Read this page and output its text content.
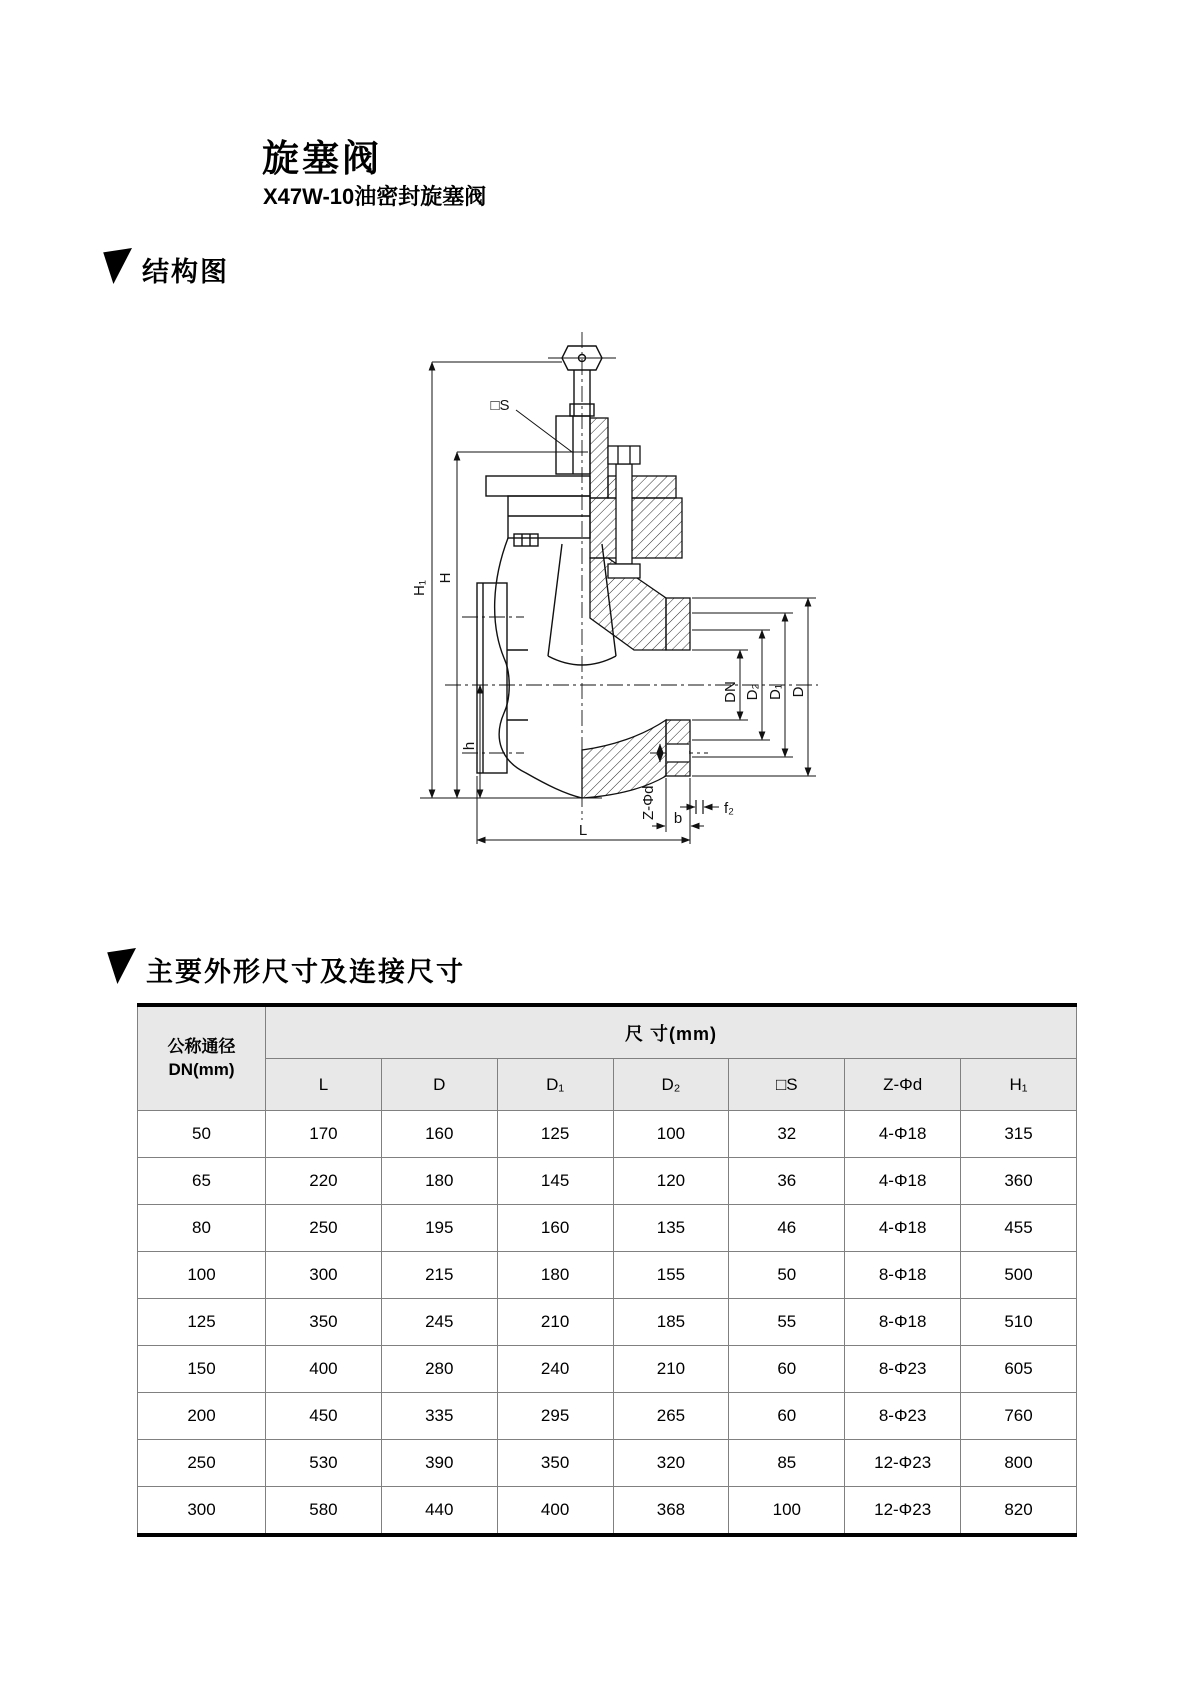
旋塞阀
X47W-10油密封旋塞阀
结构图
□S
H₁
H
h
DN D₂ D₁ D
Z-Φd	f₂
b
L
主要外形尺寸及连接尺寸
公称通径
DN(mm)	尺 寸(mm)						
	L	D	D₁	D₂	□S	Z-Φd	H₁
50	170	160	125	100	32	4-Φ18	315
65	220	180	145	120	36	4-Φ18	360
80	250	195	160	135	46	4-Φ18	455
100	300	215	180	155	50	8-Φ18	500
125	350	245	210	185	55	8-Φ18	510
150	400	280	240	210	60	8-Φ23	605
200	450	335	295	265	60	8-Φ23	760
250	530	390	350	320	85	12-Φ23	800
300	580	440	400	368	100	12-Φ23	820
